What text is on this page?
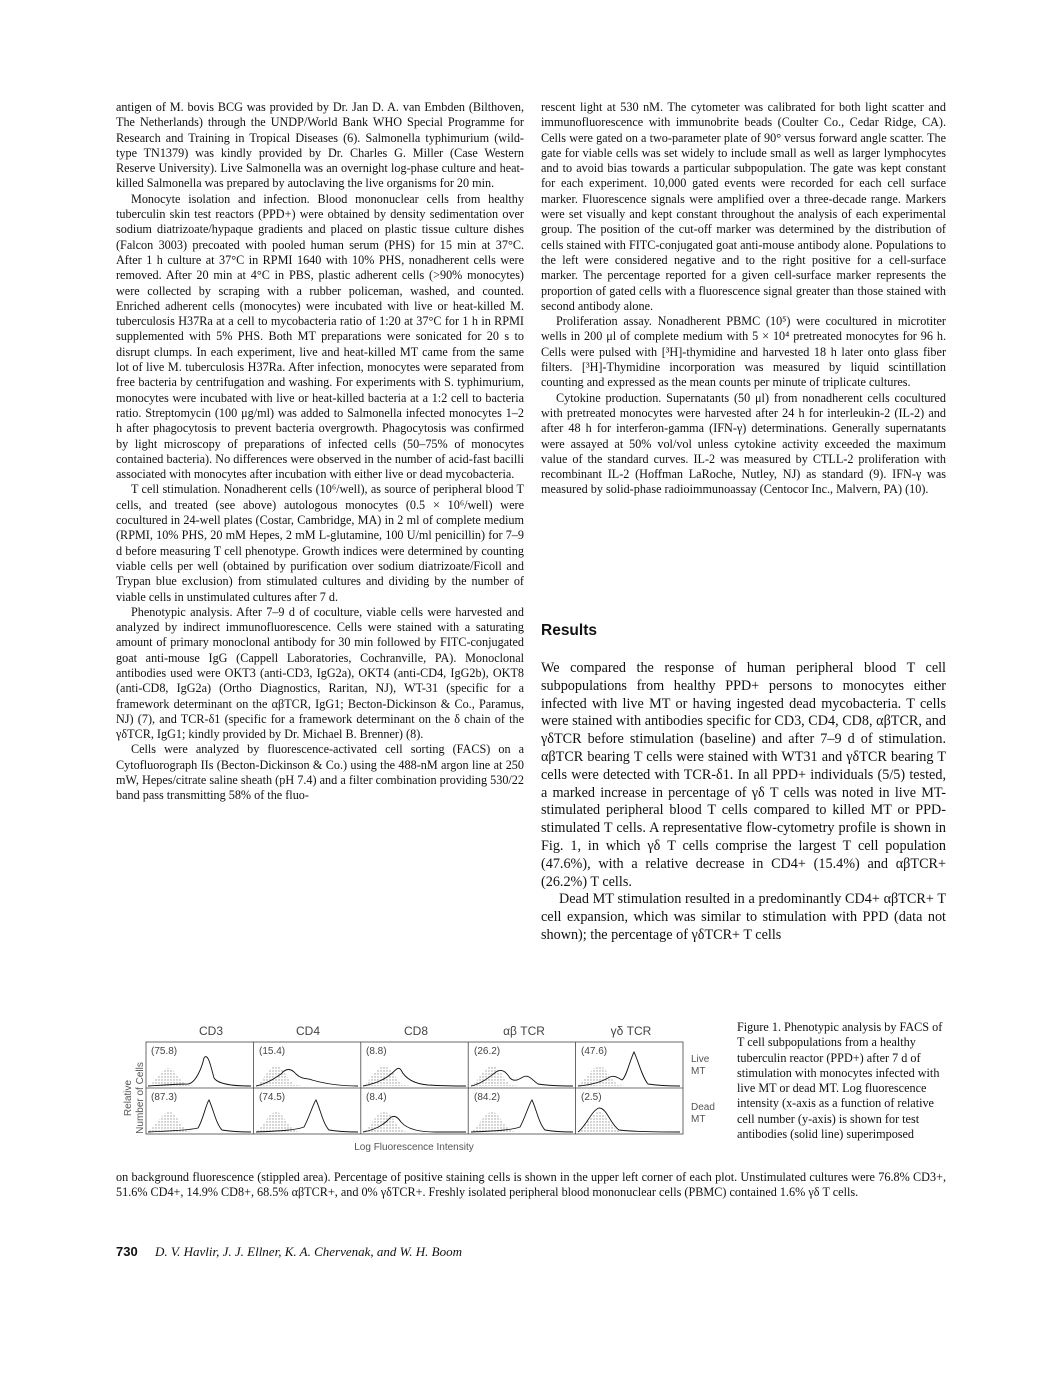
antigen of M. bovis BCG was provided by Dr. Jan D. A. van Embden (Bilthoven, The Netherlands) through the UNDP/World Bank WHO Special Programme for Research and Training in Tropical Diseases (6). Salmonella typhimurium (wild-type TN1379) was kindly provided by Dr. Charles G. Miller (Case Western Reserve University). Live Salmonella was an overnight log-phase culture and heat-killed Salmonella was prepared by autoclaving the live organisms for 20 min.

Monocyte isolation and infection. Blood mononuclear cells from healthy tuberculin skin test reactors (PPD+) were obtained by density sedimentation over sodium diatrizoate/hypaque gradients and placed on plastic tissue culture dishes (Falcon 3003) precoated with pooled human serum (PHS) for 15 min at 37°C. After 1 h culture at 37°C in RPMI 1640 with 10% PHS, nonadherent cells were removed. After 20 min at 4°C in PBS, plastic adherent cells (>90% monocytes) were collected by scraping with a rubber policeman, washed, and counted. Enriched adherent cells (monocytes) were incubated with live or heat-killed M. tuberculosis H37Ra at a cell to mycobacteria ratio of 1:20 at 37°C for 1 h in RPMI supplemented with 5% PHS. Both MT preparations were sonicated for 20 s to disrupt clumps. In each experiment, live and heat-killed MT came from the same lot of live M. tuberculosis H37Ra. After infection, monocytes were separated from free bacteria by centrifugation and washing. For experiments with S. typhimurium, monocytes were incubated with live or heat-killed bacteria at a 1:2 cell to bacteria ratio. Streptomycin (100 μg/ml) was added to Salmonella infected monocytes 1–2 h after phagocytosis to prevent bacteria overgrowth. Phagocytosis was confirmed by light microscopy of preparations of infected cells (50–75% of monocytes contained bacteria). No differences were observed in the number of acid-fast bacilli associated with monocytes after incubation with either live or dead mycobacteria.

T cell stimulation. Nonadherent cells (10⁶/well), as source of peripheral blood T cells, and treated (see above) autologous monocytes (0.5 × 10⁶/well) were cocultured in 24-well plates (Costar, Cambridge, MA) in 2 ml of complete medium (RPMI, 10% PHS, 20 mM Hepes, 2 mM L-glutamine, 100 U/ml penicillin) for 7–9 d before measuring T cell phenotype. Growth indices were determined by counting viable cells per well (obtained by purification over sodium diatrizoate/Ficoll and Trypan blue exclusion) from stimulated cultures and dividing by the number of viable cells in unstimulated cultures after 7 d.

Phenotypic analysis. After 7–9 d of coculture, viable cells were harvested and analyzed by indirect immunofluorescence. Cells were stained with a saturating amount of primary monoclonal antibody for 30 min followed by FITC-conjugated goat anti-mouse IgG (Cappell Laboratories, Cochranville, PA). Monoclonal antibodies used were OKT3 (anti-CD3, IgG2a), OKT4 (anti-CD4, IgG2b), OKT8 (anti-CD8, IgG2a) (Ortho Diagnostics, Raritan, NJ), WT-31 (specific for a framework determinant on the αβTCR, IgG1; Becton-Dickinson & Co., Paramus, NJ) (7), and TCR-δ1 (specific for a framework determinant on the δ chain of the γδTCR, IgG1; kindly provided by Dr. Michael B. Brenner) (8).

Cells were analyzed by fluorescence-activated cell sorting (FACS) on a Cytofluorograph IIs (Becton-Dickinson & Co.) using the 488-nM argon line at 250 mW, Hepes/citrate saline sheath (pH 7.4) and a filter combination providing 530/22 band pass transmitting 58% of the fluo-

rescent light at 530 nM. The cytometer was calibrated for both light scatter and immunofluorescence with immunobrite beads (Coulter Co., Cedar Ridge, CA). Cells were gated on a two-parameter plate of 90° versus forward angle scatter. The gate for viable cells was set widely to include small as well as larger lymphocytes and to avoid bias towards a particular subpopulation. The gate was kept constant for each experiment. 10,000 gated events were recorded for each cell surface marker. Fluorescence signals were amplified over a three-decade range. Markers were set visually and kept constant throughout the analysis of each experimental group. The position of the cut-off marker was determined by the distribution of cells stained with FITC-conjugated goat anti-mouse antibody alone. Populations to the left were considered negative and to the right positive for a cell-surface marker. The percentage reported for a given cell-surface marker represents the proportion of gated cells with a fluorescence signal greater than those stained with second antibody alone.

Proliferation assay. Nonadherent PBMC (10⁵) were cocultured in microtiter wells in 200 μl of complete medium with 5 × 10⁴ pretreated monocytes for 96 h. Cells were pulsed with [³H]-thymidine and harvested 18 h later onto glass fiber filters. [³H]-Thymidine incorporation was measured by liquid scintillation counting and expressed as the mean counts per minute of triplicate cultures.

Cytokine production. Supernatants (50 μl) from nonadherent cells cocultured with pretreated monocytes were harvested after 24 h for interleukin-2 (IL-2) and after 48 h for interferon-gamma (IFN-γ) determinations. Generally supernatants were assayed at 50% vol/vol unless cytokine activity exceeded the maximum value of the standard curves. IL-2 was measured by CTLL-2 proliferation with recombinant IL-2 (Hoffman LaRoche, Nutley, NJ) as standard (9). IFN-γ was measured by solid-phase radioimmunoassay (Centocor Inc., Malvern, PA) (10).

Results

We compared the response of human peripheral blood T cell subpopulations from healthy PPD+ persons to monocytes either infected with live MT or having ingested dead mycobacteria. T cells were stained with antibodies specific for CD3, CD4, CD8, αβTCR, and γδTCR before stimulation (baseline) and after 7–9 d of stimulation. αβTCR bearing T cells were stained with WT31 and γδTCR bearing T cells were detected with TCR-δ1. In all PPD+ individuals (5/5) tested, a marked increase in percentage of γδ T cells was noted in live MT-stimulated peripheral blood T cells compared to killed MT or PPD-stimulated T cells. A representative flow-cytometry profile is shown in Fig. 1, in which γδ T cells comprise the largest T cell population (47.6%), with a relative decrease in CD4+ (15.4%) and αβTCR+ (26.2%) T cells.

Dead MT stimulation resulted in a predominantly CD4+ αβTCR+ T cell expansion, which was similar to stimulation with PPD (data not shown); the percentage of γδTCR+ T cells

CD3	CD4	CD8	αβ TCR	γδ TCR
Relative Number of Cells
(75.8)	(15.4)	(8.8)	(26.2)	(47.6)
(87.3)	(74.5)	(8.4)	(84.2)	(2.5)
Live
MT
Dead
MT
Log Fluorescence Intensity
Figure 1. Phenotypic analysis by FACS of T cell subpopulations from a healthy tuberculin reactor (PPD+) after 7 d of stimulation with monocytes infected with live MT or dead MT. Log fluorescence intensity (x-axis as a function of relative cell number (y-axis) is shown for test antibodies (solid line) superimposed
on background fluorescence (stippled area). Percentage of positive staining cells is shown in the upper left corner of each plot. Unstimulated cultures were 76.8% CD3+, 51.6% CD4+, 14.9% CD8+, 68.5% αβTCR+, and 0% γδTCR+. Freshly isolated peripheral blood mononuclear cells (PBMC) contained 1.6% γδ T cells.
730 D. V. Havlir, J. J. Ellner, K. A. Chervenak, and W. H. Boom
